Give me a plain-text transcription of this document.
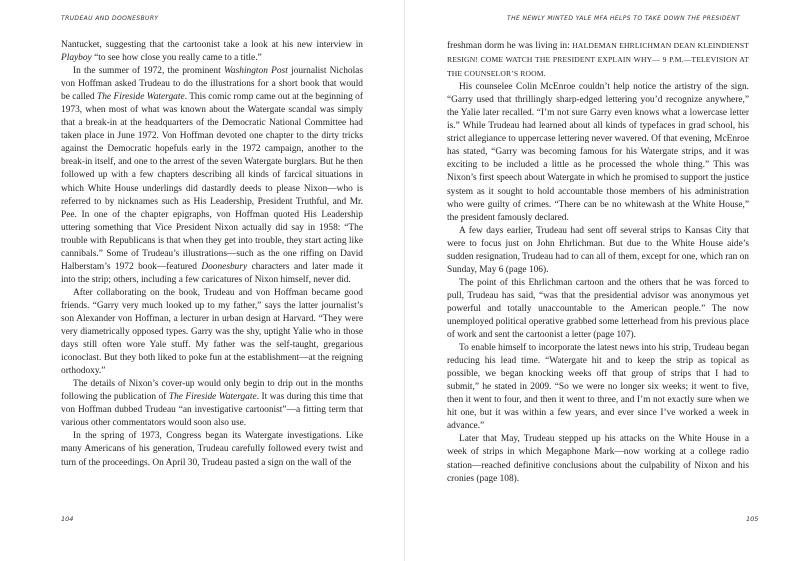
TRUDEAU AND DOONESBURY

Nantucket, suggesting that the cartoonist take a look at his new interview in Playboy “to see how close you really came to a title.”

In the summer of 1972, the prominent Washington Post journalist Nicholas von Hoffman asked Trudeau to do the illustrations for a short book that would be called The Fireside Watergate. This comic romp came out at the beginning of 1973, when most of what was known about the Watergate scandal was simply that a break-in at the headquarters of the Democratic National Committee had taken place in June 1972. Von Hoffman devoted one chapter to the dirty tricks against the Democratic hopefuls early in the 1972 campaign, another to the break-in itself, and one to the arrest of the seven Watergate burglars. But he then followed up with a few chapters describing all kinds of farcical situations in which White House underlings did dastardly deeds to please Nixon—who is referred to by nicknames such as His Leadership, President Truthful, and Mr. Pee. In one of the chapter epigraphs, von Hoffman quoted His Leadership uttering something that Vice President Nixon actually did say in 1958: “The trouble with Republicans is that when they get into trouble, they start acting like cannibals.” Some of Trudeau’s illustrations—such as the one riffing on David Halberstam’s 1972 book—featured Doonesbury characters and later made it into the strip; others, including a few caricatures of Nixon himself, never did.

After collaborating on the book, Trudeau and von Hoffman became good friends. “Garry very much looked up to my father,” says the latter journalist’s son Alexander von Hoffman, a lecturer in urban design at Harvard. “They were very diametrically opposed types. Garry was the shy, uptight Yalie who in those days still often wore Yale stuff. My father was the self-taught, gregarious iconoclast. But they both liked to poke fun at the establishment—at the reigning orthodoxy.”

The details of Nixon’s cover-up would only begin to drip out in the months following the publication of The Fireside Watergate. It was during this time that von Hoffman dubbed Trudeau “an investigative cartoonist”—a fitting term that various other commentators would soon also use.

In the spring of 1973, Congress began its Watergate investigations. Like many Americans of his generation, Trudeau carefully followed every twist and turn of the proceedings. On April 30, Trudeau pasted a sign on the wall of the

104
THE NEWLY MINTED YALE MFA HELPS TO TAKE DOWN THE PRESIDENT

freshman dorm he was living in: HALDEMAN EHRLICHMAN DEAN KLEINDIENST RESIGN! COME WATCH THE PRESIDENT EXPLAIN WHY— 9 P.M.—TELEVISION AT THE COUNSELOR’S ROOM.

His counselee Colin McEnroe couldn’t help notice the artistry of the sign. “Garry used that thrillingly sharp-edged lettering you’d recognize anywhere,” the Yalie later recalled. “I’m not sure Garry even knows what a lowercase letter is.” While Trudeau had learned about all kinds of typefaces in grad school, his strict allegiance to uppercase lettering never wavered. Of that evening, McEnroe has stated, “Garry was becoming famous for his Watergate strips, and it was exciting to be included a little as he processed the whole thing.” This was Nixon’s first speech about Watergate in which he promised to support the justice system as it sought to hold accountable those members of his administration who were guilty of crimes. “There can be no whitewash at the White House,” the president famously declared.

A few days earlier, Trudeau had sent off several strips to Kansas City that were to focus just on John Ehrlichman. But due to the White House aide’s sudden resignation, Trudeau had to can all of them, except for one, which ran on Sunday, May 6 (page 106).

The point of this Ehrlichman cartoon and the others that he was forced to pull, Trudeau has said, “was that the presidential advisor was anonymous yet powerful and totally unaccountable to the American people.” The now unemployed political operative grabbed some letterhead from his previous place of work and sent the cartoonist a letter (page 107).

To enable himself to incorporate the latest news into his strip, Trudeau began reducing his lead time. “Watergate hit and to keep the strip as topical as possible, we began knocking weeks off that group of strips that I had to submit,” he stated in 2009. “So we were no longer six weeks; it went to five, then it went to four, and then it went to three, and I’m not exactly sure when we hit one, but it was within a few years, and ever since I’ve worked a week in advance.”

Later that May, Trudeau stepped up his attacks on the White House in a week of strips in which Megaphone Mark—now working at a college radio station—reached definitive conclusions about the culpability of Nixon and his cronies (page 108).

105
